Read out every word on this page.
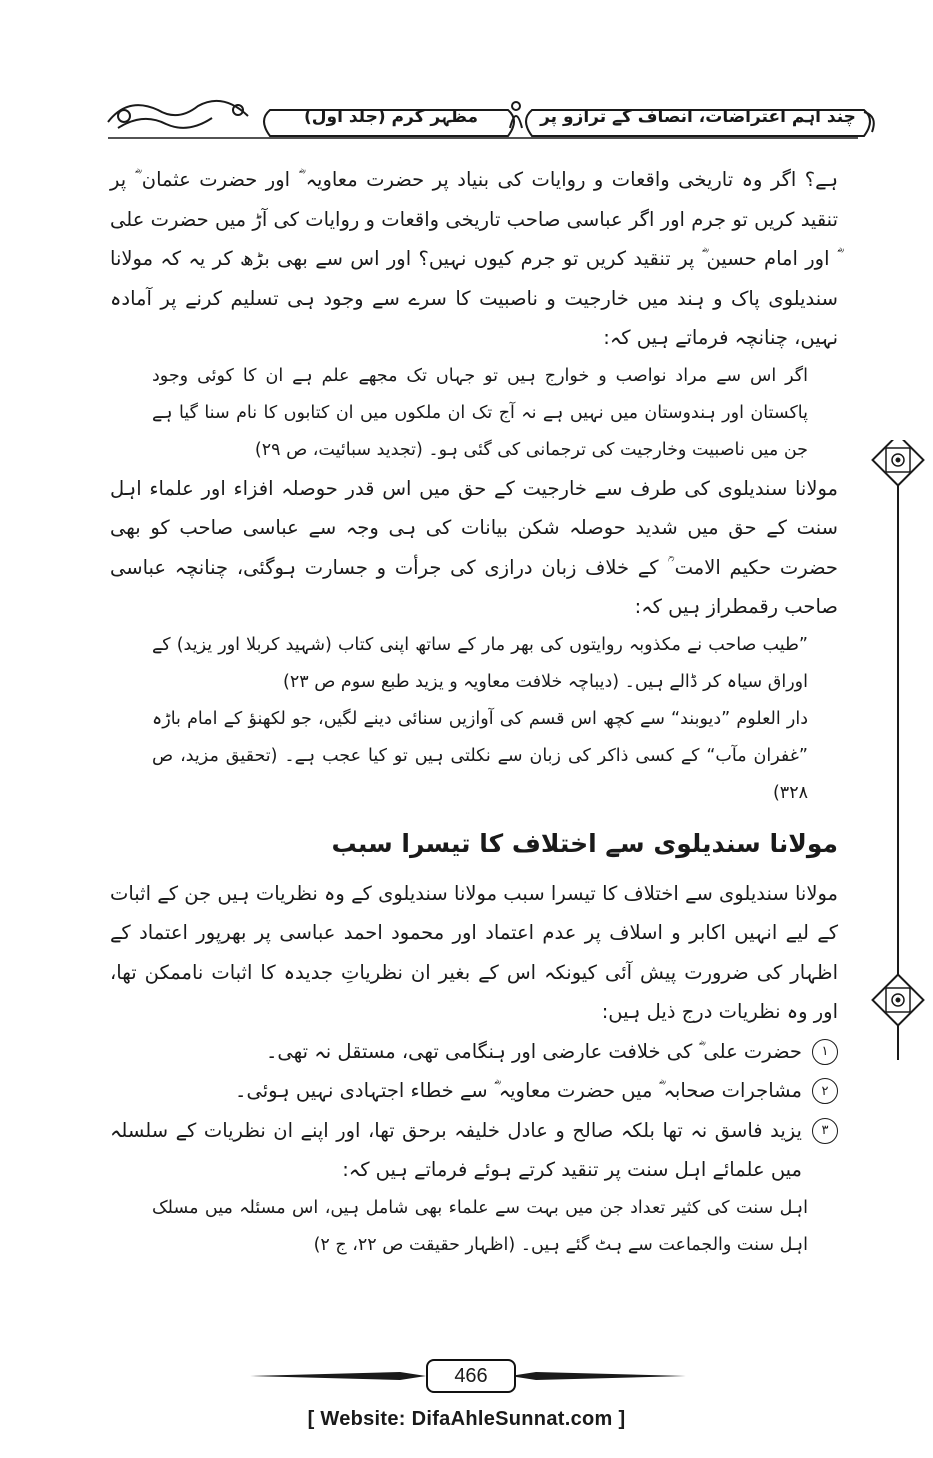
مظہر کرم (جلد اول)	چند اہم اعتراضات، انصاف کے ترازو پر

ہے؟ اگر وہ تاریخی واقعات و روایات کی بنیاد پر حضرت معاویہ ؓ اور حضرت عثمان ؓ پر تنقید کریں تو جرم اور اگر عباسی صاحب تاریخی واقعات و روایات کی آڑ میں حضرت علی ؓ اور امام حسین ؓ پر تنقید کریں تو جرم کیوں نہیں؟ اور اس سے بھی بڑھ کر یہ کہ مولانا سندیلوی پاک و ہند میں خارجیت و ناصبیت کا سرے سے وجود ہی تسلیم کرنے پر آمادہ نہیں، چنانچہ فرماتے ہیں کہ:

اگر اس سے مراد نواصب و خوارج ہیں تو جہاں تک مجھے علم ہے ان کا کوئی وجود پاکستان اور ہندوستان میں نہیں ہے نہ آج تک ان ملکوں میں ان کتابوں کا نام سنا گیا ہے جن میں ناصبیت وخارجیت کی ترجمانی کی گئی ہو۔ (تجدید سبائیت، ص ۲۹)

مولانا سندیلوی کی طرف سے خارجیت کے حق میں اس قدر حوصلہ افزاء اور علماء اہل سنت کے حق میں شدید حوصلہ شکن بیانات کی ہی وجہ سے عباسی صاحب کو بھی حضرت حکیم الامت ؒ کے خلاف زبان درازی کی جرأت و جسارت ہوگئی، چنانچہ عباسی صاحب رقمطراز ہیں کہ:

”طیب صاحب نے مکذوبہ روایتوں کی بھر مار کے ساتھ اپنی کتاب (شہید کربلا اور یزید) کے اوراق سیاہ کر ڈالے ہیں۔ (دیباچہ خلافت معاویہ و یزید طبع سوم ص ۲۳)

دار العلوم ”دیوبند“ سے کچھ اس قسم کی آوازیں سنائی دینے لگیں، جو لکھنؤ کے امام باڑہ ”غفران مآب“ کے کسی ذاکر کی زبان سے نکلتی ہیں تو کیا عجب ہے۔ (تحقیق مزید، ص ۳۲۸)

مولانا سندیلوی سے اختلاف کا تیسرا سبب

مولانا سندیلوی سے اختلاف کا تیسرا سبب مولانا سندیلوی کے وہ نظریات ہیں جن کے اثبات کے لیے انہیں اکابر و اسلاف پر عدم اعتماد اور محمود احمد عباسی پر بھرپور اعتماد کے اظہار کی ضرورت پیش آئی کیونکہ اس کے بغیر ان نظریاتِ جدیدہ کا اثبات ناممکن تھا، اور وہ نظریات درج ذیل ہیں:

۱
حضرت علی ؓ کی خلافت عارضی اور ہنگامی تھی، مستقل نہ تھی۔
۲
مشاجرات صحابہ ؓ میں حضرت معاویہ ؓ سے خطاء اجتہادی نہیں ہوئی۔
۳
یزید فاسق نہ تھا بلکہ صالح و عادل خلیفہ برحق تھا، اور اپنے ان نظریات کے سلسلہ میں علمائے اہل سنت پر تنقید کرتے ہوئے فرماتے ہیں کہ:

اہل سنت کی کثیر تعداد جن میں بہت سے علماء بھی شامل ہیں، اس مسئلہ میں مسلک اہل سنت والجماعت سے ہٹ گئے ہیں۔ (اظہار حقیقت ص ۲۲، ج ۲)

466
[ Website: DifaAhleSunnat.com ]
